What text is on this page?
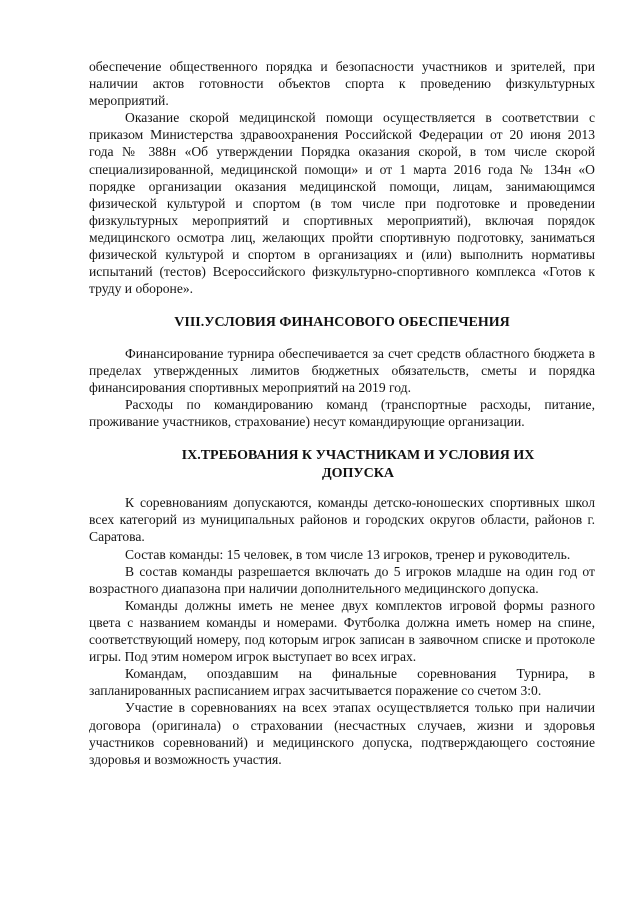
обеспечение общественного порядка и безопасности участников и зрителей, при наличии актов готовности объектов спорта к проведению физкультурных мероприятий.

Оказание скорой медицинской помощи осуществляется в соответствии с приказом Министерства здравоохранения Российской Федерации от 20 июня 2013 года № 388н «Об утверждении Порядка оказания скорой, в том числе скорой специализированной, медицинской помощи» и от 1 марта 2016 года № 134н «О порядке организации оказания медицинской помощи, лицам, занимающимся физической культурой и спортом (в том числе при подготовке и проведении физкультурных мероприятий и спортивных мероприятий), включая порядок медицинского осмотра лиц, желающих пройти спортивную подготовку, заниматься физической культурой и спортом в организациях и (или) выполнить нормативы испытаний (тестов) Всероссийского физкультурно-спортивного комплекса «Готов к труду и обороне».

VIII.УСЛОВИЯ ФИНАНСОВОГО ОБЕСПЕЧЕНИЯ

Финансирование турнира обеспечивается за счет средств областного бюджета в пределах утвержденных лимитов бюджетных обязательств, сметы и порядка финансирования спортивных мероприятий на 2019 год.

Расходы по командированию команд (транспортные расходы, питание, проживание участников, страхование) несут командирующие организации.

IX.ТРЕБОВАНИЯ К УЧАСТНИКАМ И УСЛОВИЯ ИХ
ДОПУСКА

К соревнованиям допускаются, команды детско-юношеских спортивных школ всех категорий из муниципальных районов и городских округов области, районов г. Саратова.

Состав команды: 15 человек, в том числе 13 игроков, тренер и руководитель.

В состав команды разрешается включать до 5 игроков младше на один год от возрастного диапазона при наличии дополнительного медицинского допуска.

Команды должны иметь не менее двух комплектов игровой формы разного цвета с названием команды и номерами. Футболка должна иметь номер на спине, соответствующий номеру, под которым игрок записан в заявочном списке и протоколе игры. Под этим номером игрок выступает во всех играх.

Командам, опоздавшим на финальные соревнования Турнира, в запланированных расписанием играх засчитывается поражение со счетом 3:0.

Участие в соревнованиях на всех этапах осуществляется только при наличии договора (оригинала) о страховании (несчастных случаев, жизни и здоровья участников соревнований) и медицинского допуска, подтверждающего состояние здоровья и возможность участия.
